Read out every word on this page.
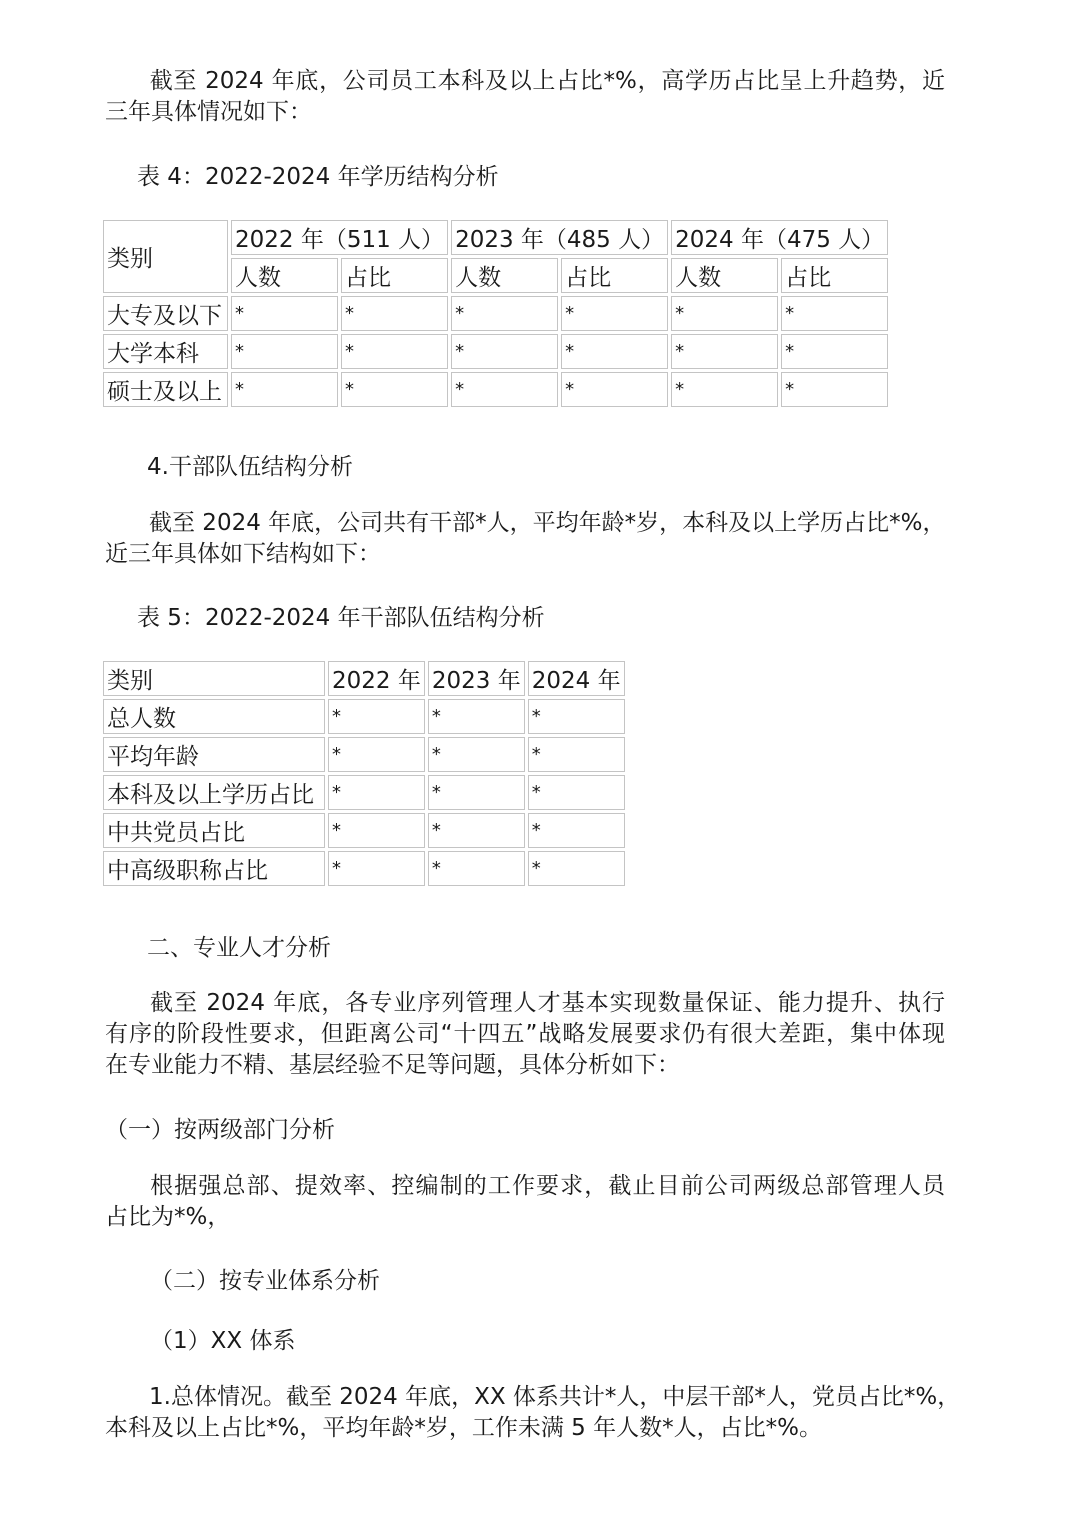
截至 2024 年底，公司员工本科及以上占比*%，高学历占比呈上升趋势，近
三年具体情况如下：
表 4：2022-2024 年学历结构分析
类别	2022 年（511 人）		2023 年（485 人）		2024 年（475 人）	
	人数	占比	人数	占比	人数	占比
大专及以下	*	*	*	*	*	*
大学本科	*	*	*	*	*	*
硕士及以上	*	*	*	*	*	*
4.干部队伍结构分析
截至 2024 年底，公司共有干部*人，平均年龄*岁，本科及以上学历占比*%，
近三年具体如下结构如下：
表 5：2022-2024 年干部队伍结构分析
类别	2022 年	2023 年	2024 年
总人数	*	*	*
平均年龄	*	*	*
本科及以上学历占比	*	*	*
中共党员占比	*	*	*
中高级职称占比	*	*	*
二、专业人才分析
截至 2024 年底，各专业序列管理人才基本实现数量保证、能力提升、执行
有序的阶段性要求，但距离公司“十四五”战略发展要求仍有很大差距，集中体现
在专业能力不精、基层经验不足等问题，具体分析如下：
（一）按两级部门分析
根据强总部、提效率、控编制的工作要求，截止目前公司两级总部管理人员
占比为*%，
（二）按专业体系分析
（1）XX 体系
1.总体情况。截至 2024 年底，XX 体系共计*人，中层干部*人，党员占比*%，
本科及以上占比*%，平均年龄*岁，工作未满 5 年人数*人，占比*%。
